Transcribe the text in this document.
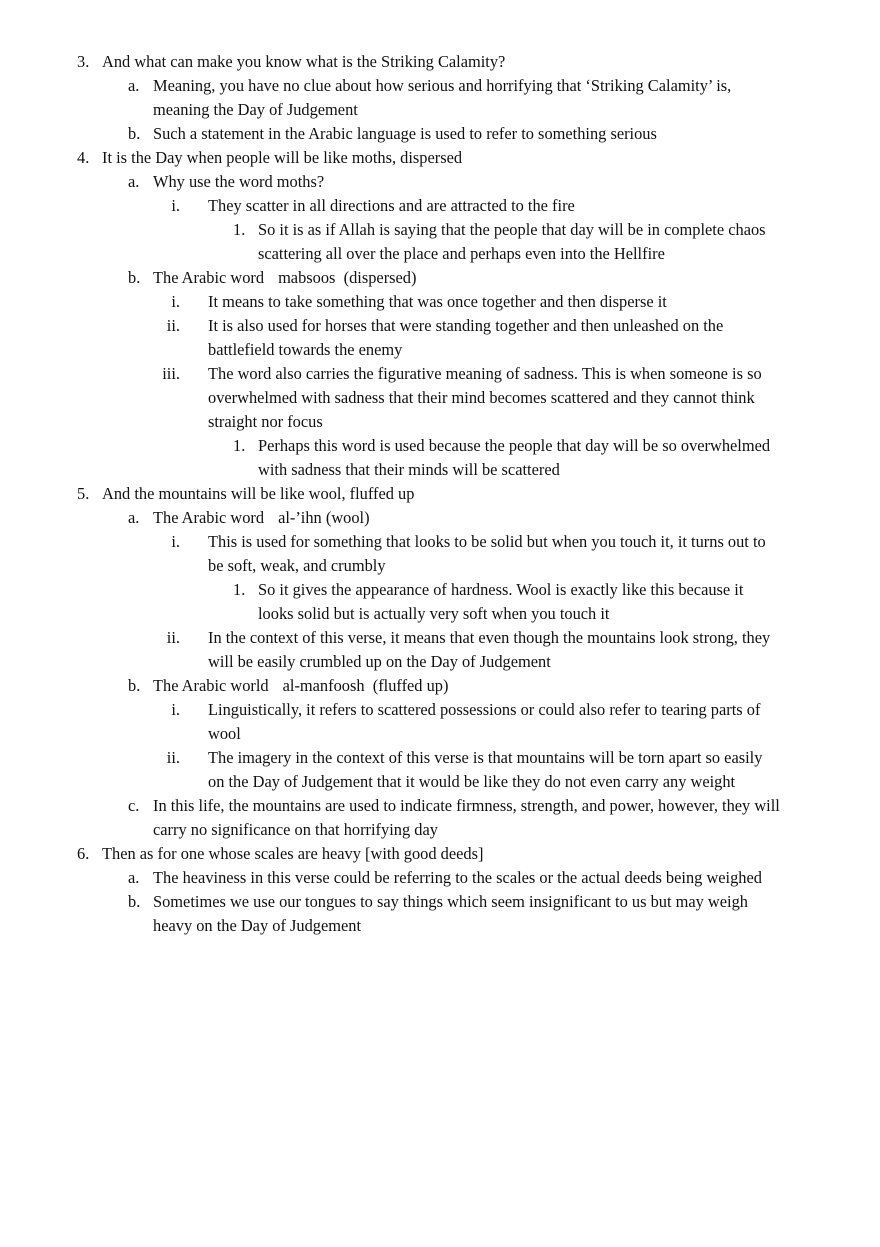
3. And what can make you know what is the Striking Calamity?
a. Meaning, you have no clue about how serious and horrifying that ‘Striking Calamity’ is, meaning the Day of Judgement
b. Such a statement in the Arabic language is used to refer to something serious
4. It is the Day when people will be like moths, dispersed
a. Why use the word moths?
i. They scatter in all directions and are attracted to the fire
1. So it is as if Allah is saying that the people that day will be in complete chaos scattering all over the place and perhaps even into the Hellfire
b. The Arabic word mabsoos (dispersed)
i. It means to take something that was once together and then disperse it
ii. It is also used for horses that were standing together and then unleashed on the battlefield towards the enemy
iii. The word also carries the figurative meaning of sadness. This is when someone is so overwhelmed with sadness that their mind becomes scattered and they cannot think straight nor focus
1. Perhaps this word is used because the people that day will be so overwhelmed with sadness that their minds will be scattered
5. And the mountains will be like wool, fluffed up
a. The Arabic word al-’ihn (wool)
i. This is used for something that looks to be solid but when you touch it, it turns out to be soft, weak, and crumbly
1. So it gives the appearance of hardness. Wool is exactly like this because it looks solid but is actually very soft when you touch it
ii. In the context of this verse, it means that even though the mountains look strong, they will be easily crumbled up on the Day of Judgement
b. The Arabic world al-manfoosh (fluffed up)
i. Linguistically, it refers to scattered possessions or could also refer to tearing parts of wool
ii. The imagery in the context of this verse is that mountains will be torn apart so easily on the Day of Judgement that it would be like they do not even carry any weight
c. In this life, the mountains are used to indicate firmness, strength, and power, however, they will carry no significance on that horrifying day
6. Then as for one whose scales are heavy [with good deeds]
a. The heaviness in this verse could be referring to the scales or the actual deeds being weighed
b. Sometimes we use our tongues to say things which seem insignificant to us but may weigh heavy on the Day of Judgement
